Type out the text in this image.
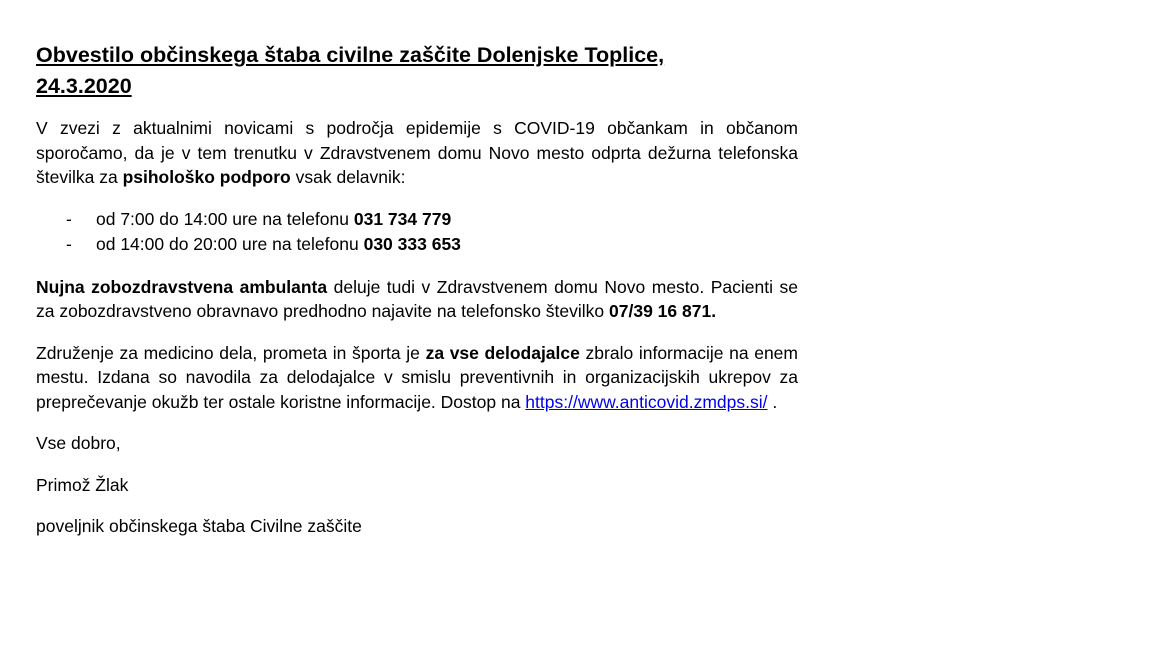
Obvestilo občinskega štaba civilne zaščite Dolenjske Toplice,
24.3.2020

V zvezi z aktualnimi novicami s področja epidemije s COVID-19 občankam in občanom sporočamo, da je v tem trenutku v Zdravstvenem domu Novo mesto odprta dežurna telefonska številka za psihološko podporo vsak delavnik:

- od 7:00 do 14:00 ure na telefonu 031 734 779
- od 14:00 do 20:00 ure na telefonu 030 333 653

Nujna zobozdravstvena ambulanta deluje tudi v Zdravstvenem domu Novo mesto. Pacienti se za zobozdravstveno obravnavo predhodno najavite na telefonsko številko 07/39 16 871.

Združenje za medicino dela, prometa in športa je za vse delodajalce zbralo informacije na enem mestu. Izdana so navodila za delodajalce v smislu preventivnih in organizacijskih ukrepov za preprečevanje okužb ter ostale koristne informacije. Dostop na https://www.anticovid.zmdps.si/ .

Vse dobro,
Primož Žlak
poveljnik občinskega štaba Civilne zaščite
